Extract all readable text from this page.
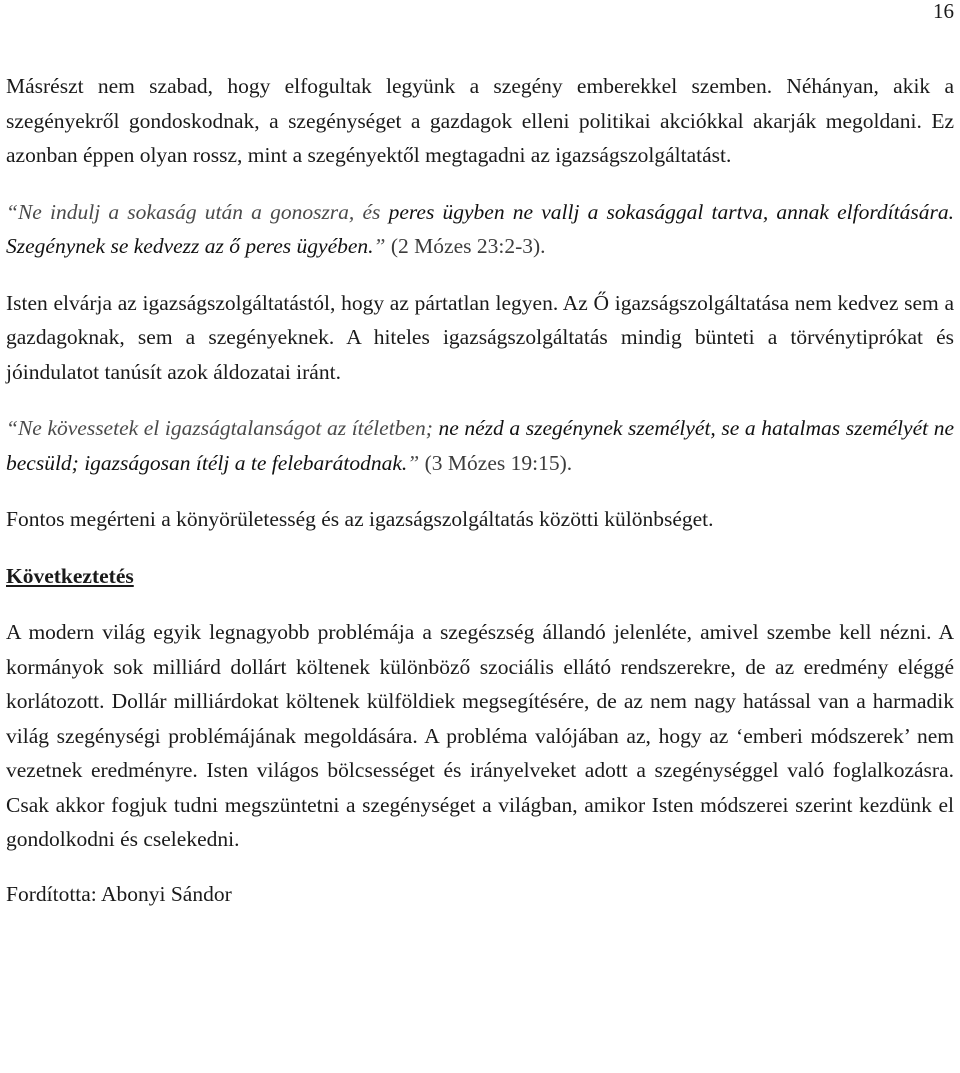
16

Másrészt nem szabad, hogy elfogultak legyünk a szegény emberekkel szemben. Néhányan, akik a szegényekről gondoskodnak, a szegénységet a gazdagok elleni politikai akciókkal akarják megoldani. Ez azonban éppen olyan rossz, mint a szegényektől megtagadni az igazságszolgáltatást.

“Ne indulj a sokaság után a gonoszra, és peres ügyben ne vallj a sokasággal tartva, annak elfordítására. Szegénynek se kedvezz az ő peres ügyében.” (2 Mózes 23:2-3).

Isten elvárja az igazságszolgáltatástól, hogy az pártatlan legyen. Az Ő igazságszolgáltatása nem kedvez sem a gazdagoknak, sem a szegényeknek. A hiteles igazságszolgáltatás mindig bünteti a törvénytiprókat és jóindulatot tanúsít azok áldozatai iránt.

“Ne kövessetek el igazságtalanságot az ítéletben; ne nézd a szegénynek személyét, se a hatalmas személyét ne becsüld; igazságosan ítélj a te felebarátodnak.” (3 Mózes 19:15).

Fontos megérteni a könyörületesség és az igazságszolgáltatás közötti különbséget.

Következtetés

A modern világ egyik legnagyobb problémája a szegészség állandó jelenléte, amivel szembe kell nézni. A kormányok sok milliárd dollárt költenek különböző szociális ellátó rendszerekre, de az eredmény eléggé korlátozott. Dollár milliárdokat költenek külföldiek megsegítésére, de az nem nagy hatással van a harmadik világ szegénységi problémájának megoldására. A probléma valójában az, hogy az ‘emberi módszerek’ nem vezetnek eredményre. Isten világos bölcsességet és irányelveket adott a szegénységgel való foglalkozásra. Csak akkor fogjuk tudni megszüntetni a szegénységet a világban, amikor Isten módszerei szerint kezdünk el gondolkodni és cselekedni.

Fordította: Abonyi Sándor
